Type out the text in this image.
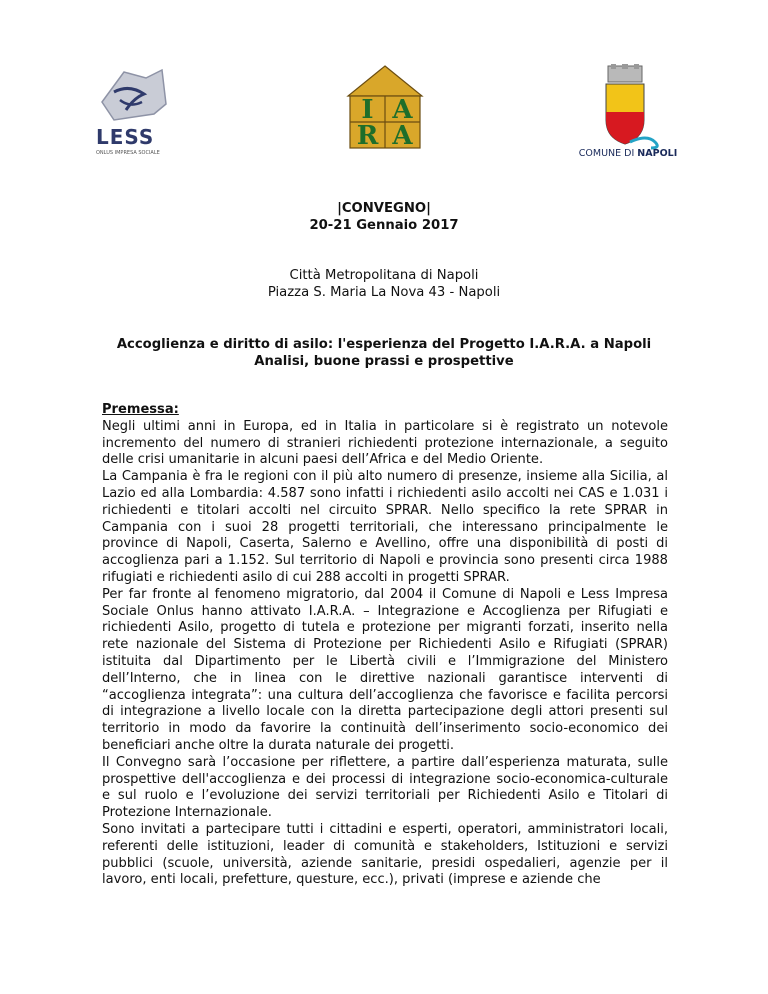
LESS
ONLUS IMPRESA SOCIALE
I A
R A
COMUNE DI NAPOLI
|CONVEGNO|
20-21 Gennaio 2017
Città Metropolitana di Napoli
Piazza S. Maria La Nova 43 - Napoli
Accoglienza e diritto di asilo: l'esperienza del Progetto I.A.R.A. a Napoli
Analisi, buone prassi e prospettive

Premessa:

Negli ultimi anni in Europa, ed in Italia in particolare si è registrato un notevole incremento del numero di stranieri richiedenti protezione internazionale, a seguito delle crisi umanitarie in alcuni paesi dell’Africa e del Medio Oriente.

La Campania è fra le regioni con il più alto numero di presenze, insieme alla Sicilia, al Lazio ed alla Lombardia: 4.587 sono infatti i richiedenti asilo accolti nei CAS e 1.031 i richiedenti e titolari accolti nel circuito SPRAR. Nello specifico la rete SPRAR in Campania con i suoi 28 progetti territoriali, che interessano principalmente le province di Napoli, Caserta, Salerno e Avellino, offre una disponibilità di posti di accoglienza pari a 1.152. Sul territorio di Napoli e provincia sono presenti circa 1988 rifugiati e richiedenti asilo di cui 288 accolti in progetti SPRAR.

Per far fronte al fenomeno migratorio, dal 2004 il Comune di Napoli e Less Impresa Sociale Onlus hanno attivato I.A.R.A. – Integrazione e Accoglienza per Rifugiati e richiedenti Asilo, progetto di tutela e protezione per migranti forzati, inserito nella rete nazionale del Sistema di Protezione per Richiedenti Asilo e Rifugiati (SPRAR) istituita dal Dipartimento per le Libertà civili e l’Immigrazione del Ministero dell’Interno, che in linea con le direttive nazionali garantisce interventi di “accoglienza integrata”: una cultura dell’accoglienza che favorisce e facilita percorsi di integrazione a livello locale con la diretta partecipazione degli attori presenti sul territorio in modo da favorire la continuità dell’inserimento socio-economico dei beneficiari anche oltre la durata naturale dei progetti.

Il Convegno sarà l’occasione per riflettere, a partire dall’esperienza maturata, sulle prospettive dell'accoglienza e dei processi di integrazione socio-economica-culturale e sul ruolo e l’evoluzione dei servizi territoriali per Richiedenti Asilo e Titolari di Protezione Internazionale.

Sono invitati a partecipare tutti i cittadini e esperti, operatori, amministratori locali, referenti delle istituzioni, leader di comunità e stakeholders, Istituzioni e servizi pubblici (scuole, università, aziende sanitarie, presidi ospedalieri, agenzie per il lavoro, enti locali, prefetture, questure, ecc.), privati (imprese e aziende che
